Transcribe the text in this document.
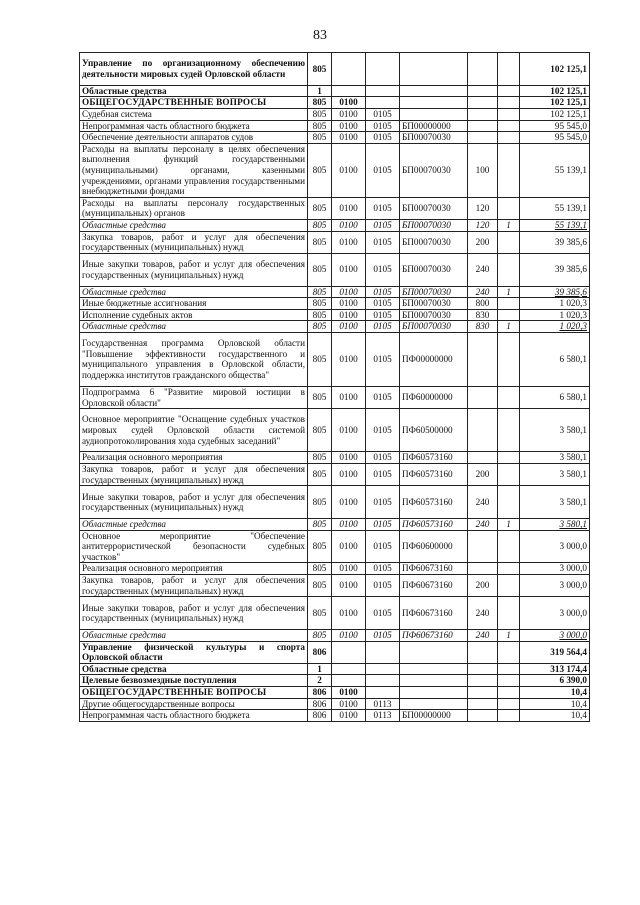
83
Управление по организационному обеспечению деятельности мировых судей Орловской области	805						102 125,1
Областные средства	1						102 125,1
ОБЩЕГОСУДАРСТВЕННЫЕ ВОПРОСЫ	805	0100					102 125,1
Судебная система	805	0100	0105				102 125,1
Непрограммная часть областного бюджета	805	0100	0105	БП00000000			95 545,0
Обеспечение деятельности аппаратов судов	805	0100	0105	БП00070030			95 545,0
Расходы на выплаты персоналу в целях обеспечения выполнения функций государственными (муниципальными) органами, казенными учреждениями, органами управления государственными внебюджетными фондами	805	0100	0105	БП00070030	100		55 139,1
Расходы на выплаты персоналу государственных (муниципальных) органов	805	0100	0105	БП00070030	120		55 139,1
Областные средства	805	0100	0105	БП00070030	120	1	55 139,1
Закупка товаров, работ и услуг для обеспечения государственных (муниципальных) нужд	805	0100	0105	БП00070030	200		39 385,6
Иные закупки товаров, работ и услуг для обеспечения государственных (муниципальных) нужд	805	0100	0105	БП00070030	240		39 385,6
Областные средства	805	0100	0105	БП00070030	240	1	39 385,6
Иные бюджетные ассигнования	805	0100	0105	БП00070030	800		1 020,3
Исполнение судебных актов	805	0100	0105	БП00070030	830		1 020,3
Областные средства	805	0100	0105	БП00070030	830	1	1 020,3
Государственная программа Орловской области "Повышение эффективности государственного и муниципального управления в Орловской области, поддержка институтов гражданского общества"	805	0100	0105	ПФ00000000			6 580,1
Подпрограмма 6 "Развитие мировой юстиции в Орловской области"	805	0100	0105	ПФ60000000			6 580,1
Основное мероприятие "Оснащение судебных участков мировых судей Орловской области системой аудиопротоколирования хода судебных заседаний"	805	0100	0105	ПФ60500000			3 580,1
Реализация основного мероприятия	805	0100	0105	ПФ60573160			3 580,1
Закупка товаров, работ и услуг для обеспечения государственных (муниципальных) нужд	805	0100	0105	ПФ60573160	200		3 580,1
Иные закупки товаров, работ и услуг для обеспечения государственных (муниципальных) нужд	805	0100	0105	ПФ60573160	240		3 580,1
Областные средства	805	0100	0105	ПФ60573160	240	1	3 580,1
Основное мероприятие "Обеспечение антитеррористической безопасности судебных участков"	805	0100	0105	ПФ60600000			3 000,0
Реализация основного мероприятия	805	0100	0105	ПФ60673160			3 000,0
Закупка товаров, работ и услуг для обеспечения государственных (муниципальных) нужд	805	0100	0105	ПФ60673160	200		3 000,0
Иные закупки товаров, работ и услуг для обеспечения государственных (муниципальных) нужд	805	0100	0105	ПФ60673160	240		3 000,0
Областные средства	805	0100	0105	ПФ60673160	240	1	3 000,0
Управление физической культуры и спорта Орловской области	806						319 564,4
Областные средства	1						313 174,4
Целевые безвозмездные поступления	2						6 390,0
ОБЩЕГОСУДАРСТВЕННЫЕ ВОПРОСЫ	806	0100					10,4
Другие общегосударственные вопросы	806	0100	0113				10,4
Непрограммная часть областного бюджета	806	0100	0113	БП00000000			10,4
